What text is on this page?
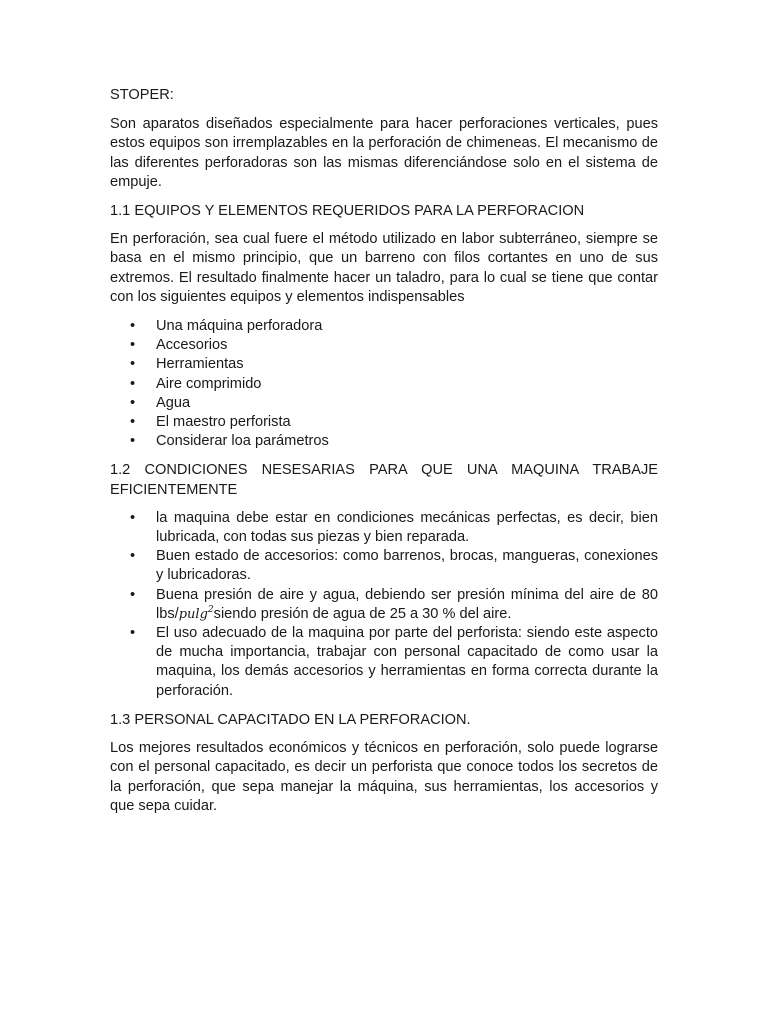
STOPER:

Son aparatos diseñados especialmente para hacer perforaciones verticales, pues estos equipos son irremplazables en la perforación de chimeneas. El mecanismo de las diferentes perforadoras son las mismas diferenciándose solo en el sistema de empuje.

1.1 EQUIPOS Y ELEMENTOS REQUERIDOS PARA LA PERFORACION

En perforación, sea cual fuere el método utilizado en labor subterráneo, siempre se basa en el mismo principio, que un barreno con filos cortantes en uno de sus extremos. El resultado finalmente hacer un taladro, para lo cual se tiene que contar con los siguientes equipos y elementos indispensables

• Una máquina perforadora
• Accesorios
• Herramientas
• Aire comprimido
• Agua
• El maestro perforista
• Considerar loa parámetros

1.2 CONDICIONES NESESARIAS PARA QUE UNA MAQUINA TRABAJE EFICIENTEMENTE

• la maquina debe estar en condiciones mecánicas perfectas, es decir, bien lubricada, con todas sus piezas y bien reparada.
• Buen estado de accesorios: como barrenos, brocas, mangueras, conexiones y lubricadoras.
• Buena presión de aire y agua, debiendo ser presión mínima del aire de 80 lbs/pulg$^2$siendo presión de agua de 25 a 30 % del aire.
• El uso adecuado de la maquina por parte del perforista: siendo este aspecto de mucha importancia, trabajar con personal capacitado de como usar la maquina, los demás accesorios y herramientas en forma correcta durante la perforación.

1.3 PERSONAL CAPACITADO EN LA PERFORACION.

Los mejores resultados económicos y técnicos en perforación, solo puede lograrse con el personal capacitado, es decir un perforista que conoce todos los secretos de la perforación, que sepa manejar la máquina, sus herramientas, los accesorios y que sepa cuidar.
